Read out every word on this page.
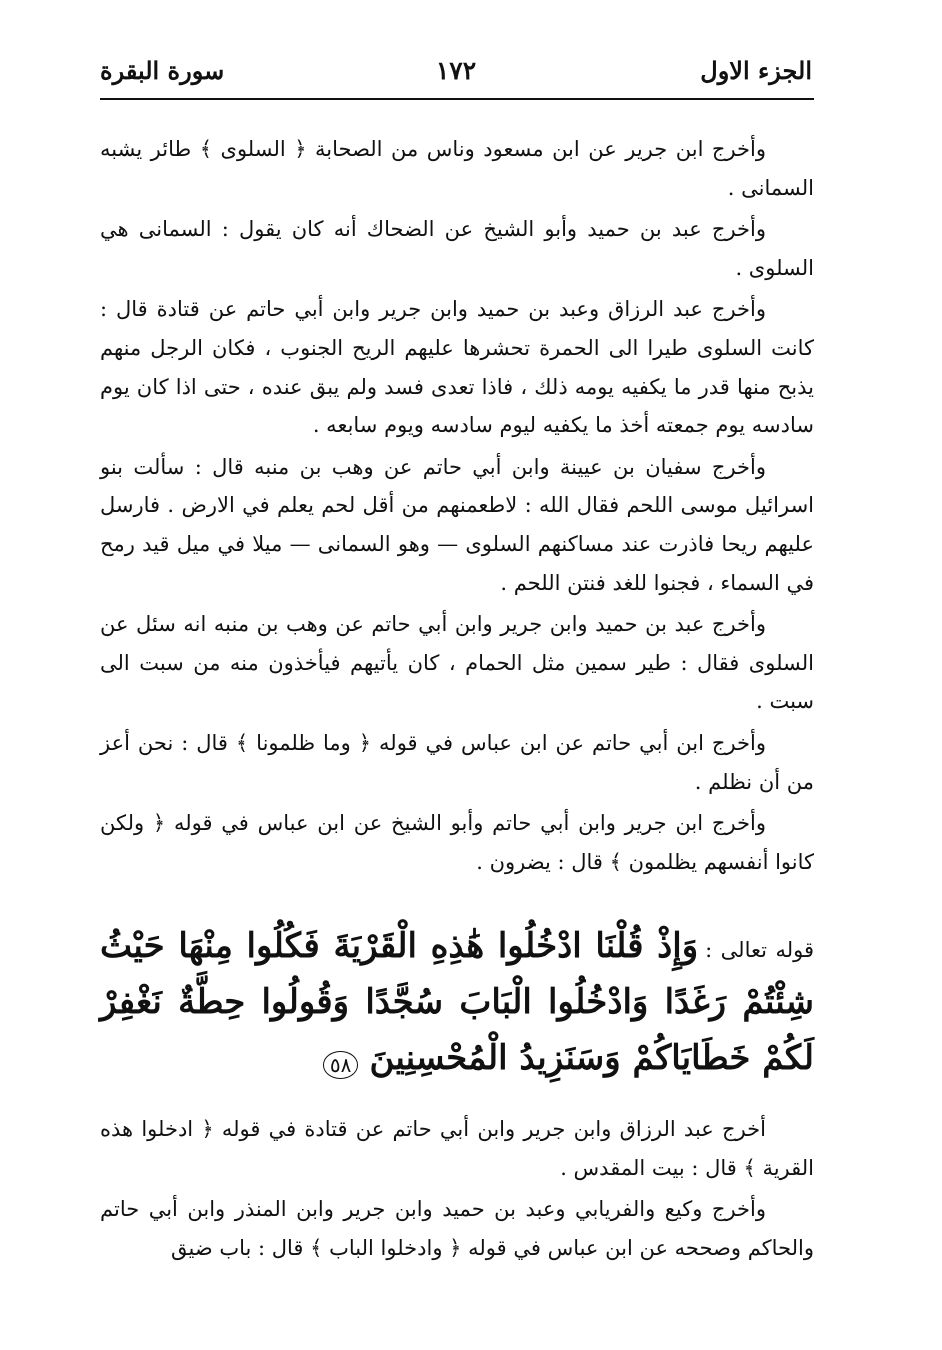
الجزء الاول
١٧٢
سورة البقرة

وأخرج ابن جرير عن ابن مسعود وناس من الصحابة ﴿ السلوى ﴾ طائر يشبه السمانى .

وأخرج عبد بن حميد وأبو الشيخ عن الضحاك أنه كان يقول : السمانى هي السلوى .

وأخرج عبد الرزاق وعبد بن حميد وابن جرير وابن أبي حاتم عن قتادة قال : كانت السلوى طيرا الى الحمرة تحشرها عليهم الريح الجنوب ، فكان الرجل منهم يذبح منها قدر ما يكفيه يومه ذلك ، فاذا تعدى فسد ولم يبق عنده ، حتى اذا كان يوم سادسه يوم جمعته أخذ ما يكفيه ليوم سادسه ويوم سابعه .

وأخرج سفيان بن عيينة وابن أبي حاتم عن وهب بن منبه قال : سألت بنو اسرائيل موسى اللحم فقال الله : لاطعمنهم من أقل لحم يعلم في الارض . فارسل عليهم ريحا فاذرت عند مساكنهم السلوى — وهو السمانى — ميلا في ميل قيد رمح في السماء ، فجنوا للغد فنتن اللحم .

وأخرج عبد بن حميد وابن جرير وابن أبي حاتم عن وهب بن منبه انه سئل عن السلوى فقال : طير سمين مثل الحمام ، كان يأتيهم فيأخذون منه من سبت الى سبت .

وأخرج ابن أبي حاتم عن ابن عباس في قوله ﴿ وما ظلمونا ﴾ قال : نحن أعز من أن نظلم .

وأخرج ابن جرير وابن أبي حاتم وأبو الشيخ عن ابن عباس في قوله ﴿ ولكن كانوا أنفسهم يظلمون ﴾ قال : يضرون .

قوله تعالى : وَإِذْ قُلْنَا ادْخُلُوا هَٰذِهِ الْقَرْيَةَ فَكُلُوا مِنْهَا حَيْثُ شِئْتُمْ رَغَدًا وَادْخُلُوا الْبَابَ سُجَّدًا وَقُولُوا حِطَّةٌ نَغْفِرْ لَكُمْ خَطَايَاكُمْ وَسَنَزِيدُ الْمُحْسِنِينَ ٥٨

أخرج عبد الرزاق وابن جرير وابن أبي حاتم عن قتادة في قوله ﴿ ادخلوا هذه القرية ﴾ قال : بيت المقدس .

وأخرج وكيع والفريابي وعبد بن حميد وابن جرير وابن المنذر وابن أبي حاتم والحاكم وصححه عن ابن عباس في قوله ﴿ وادخلوا الباب ﴾ قال : باب ضيق
